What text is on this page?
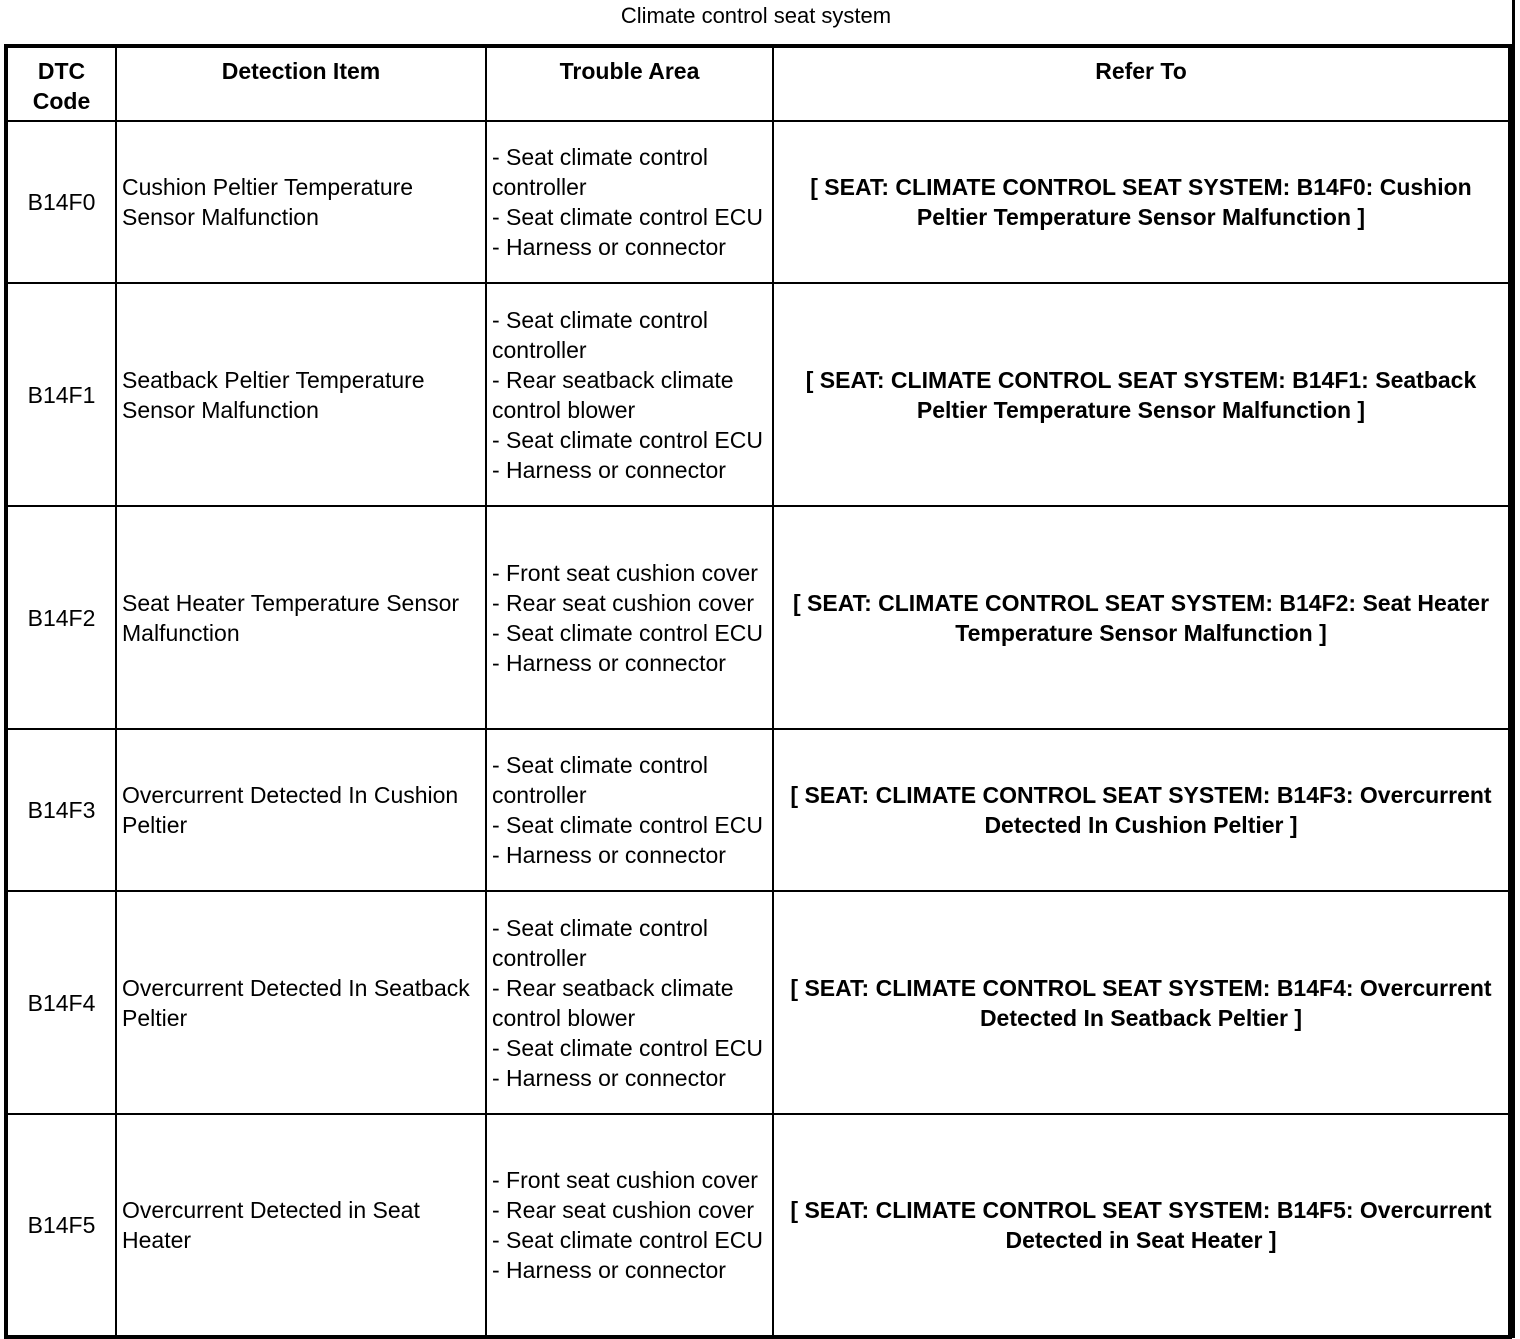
Climate control seat system
DTC Code	Detection Item	Trouble Area	Refer To
B14F0	Cushion Peltier Temperature Sensor Malfunction	- Seat climate control controller
- Seat climate control ECU
- Harness or connector	[ SEAT: CLIMATE CONTROL SEAT SYSTEM: B14F0: Cushion Peltier Temperature Sensor Malfunction ]
B14F1	Seatback Peltier Temperature Sensor Malfunction	- Seat climate control controller
- Rear seatback climate control blower
- Seat climate control ECU
- Harness or connector	[ SEAT: CLIMATE CONTROL SEAT SYSTEM: B14F1: Seatback Peltier Temperature Sensor Malfunction ]
B14F2	Seat Heater Temperature Sensor Malfunction	- Front seat cushion cover
- Rear seat cushion cover
- Seat climate control ECU
- Harness or connector	[ SEAT: CLIMATE CONTROL SEAT SYSTEM: B14F2: Seat Heater Temperature Sensor Malfunction ]
B14F3	Overcurrent Detected In Cushion Peltier	- Seat climate control controller
- Seat climate control ECU
- Harness or connector	[ SEAT: CLIMATE CONTROL SEAT SYSTEM: B14F3: Overcurrent Detected In Cushion Peltier ]
B14F4	Overcurrent Detected In Seatback Peltier	- Seat climate control controller
- Rear seatback climate control blower
- Seat climate control ECU
- Harness or connector	[ SEAT: CLIMATE CONTROL SEAT SYSTEM: B14F4: Overcurrent Detected In Seatback Peltier ]
B14F5	Overcurrent Detected in Seat Heater	- Front seat cushion cover
- Rear seat cushion cover
- Seat climate control ECU
- Harness or connector	[ SEAT: CLIMATE CONTROL SEAT SYSTEM: B14F5: Overcurrent Detected in Seat Heater ]
